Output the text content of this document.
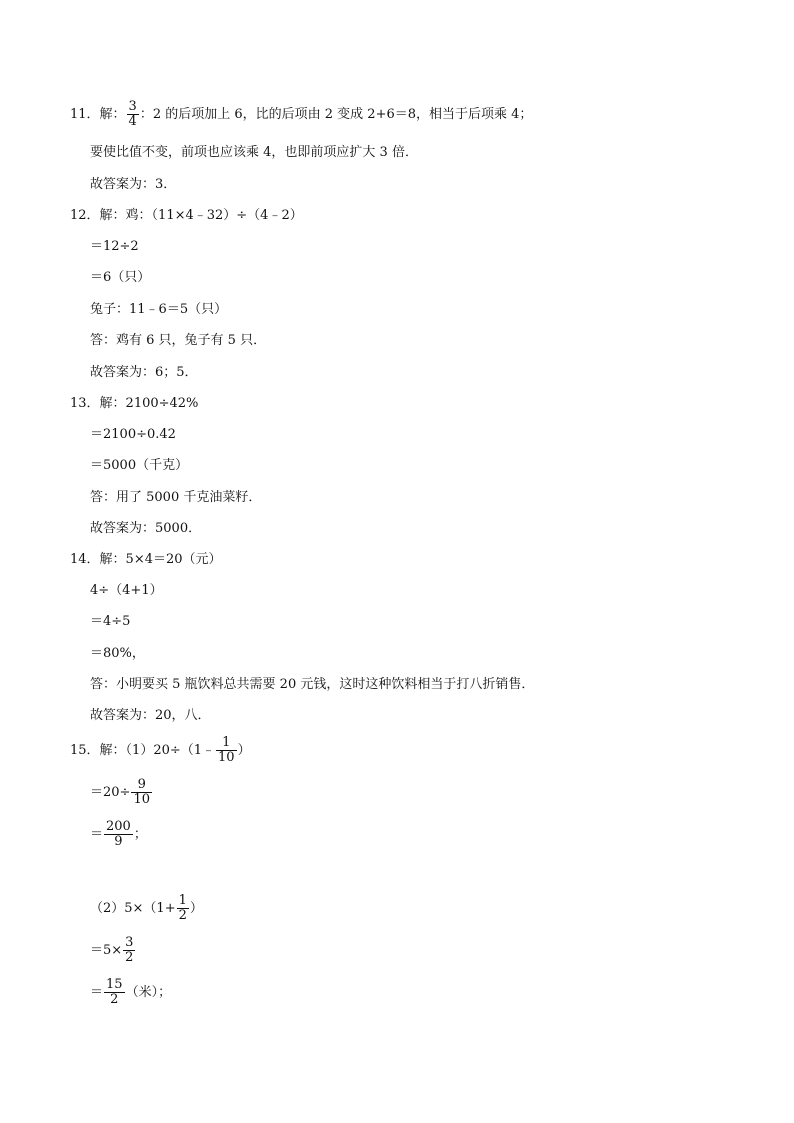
11．解： $\frac{3}{4}$ ：2 的后项加上 6，比的后项由 2 变成 2+6＝8，相当于后项乘 4；
要使比值不变，前项也应该乘 4，也即前项应扩大 3 倍．
故答案为：3．
12．解：鸡：（11×4﹣32）÷（4﹣2）
＝12÷2
＝6（只）
兔子：11﹣6＝5（只）
答：鸡有 6 只，兔子有 5 只．
故答案为：6；5．
13．解：2100÷42%
＝2100÷0.42
＝5000（千克）
答：用了 5000 千克油菜籽．
故答案为：5000．
14．解：5×4＝20（元）
4÷（4+1）
＝4÷5
＝80%，
答：小明要买 5 瓶饮料总共需要 20 元钱，这时这种饮料相当于打八折销售．
故答案为：20，八．
15．解：（1）20÷（1﹣ $\frac{1}{10}$ ）
$=20\div \frac{9}{10}$
＝ $\frac{200}{9}$ ；
$(2)5\times(1+ \frac{1}{2}$ ）
$=5\times \frac{3}{2}$
＝ $\frac{15}{2}$ （米）；
